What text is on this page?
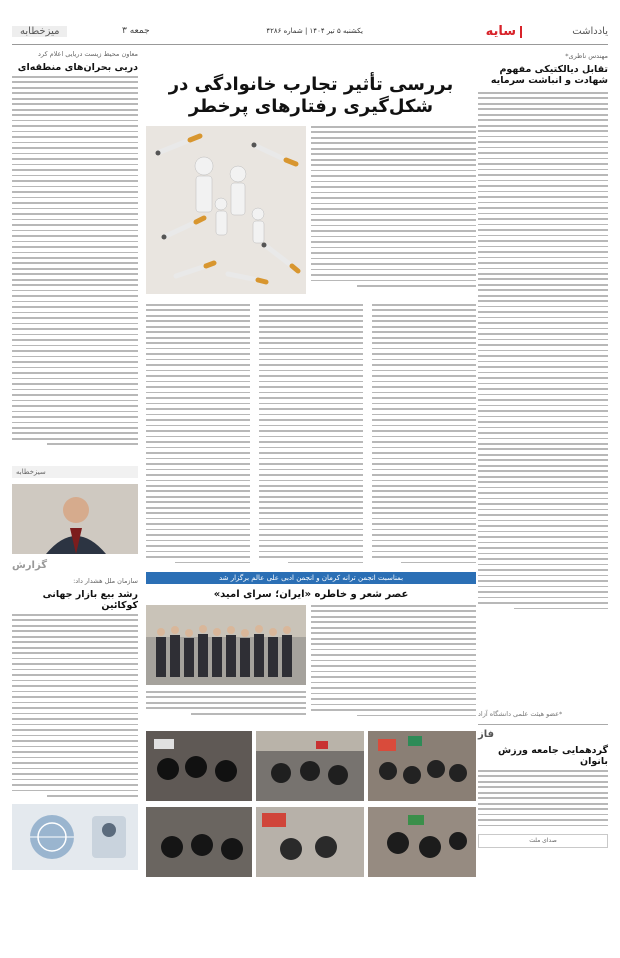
یادداشت
سایه
یکشنبه ۵ تیر ۱۴۰۴ | شماره ۴۲۸۶
جمعه ۳
میزخطابه
مهندس ناظری*
تقابل دیالکتیکی مفهوم شهادت و انباشت سرمایه
*عضو هیئت علمی دانشگاه آزاد
فاز
گردهمایی جامعه ورزش بانوان
صدای ملت
بررسی تأثیر تجارب خانوادگی در شکل‌گیری رفتارهای پرخطر
بمناسبت انجمن ترانه کرمان و انجمن ادبی علی عالم برگزار شد
عصر شعر و خاطره «ایران؛ سرای امید»
معاون محیط زیست دریایی اعلام کرد
دریی بحران‌های منطقه‌ای
سیزخطابه
گزارش
سازمان ملل هشدار داد:
رشد بیع بازار جهانی کوکائین
